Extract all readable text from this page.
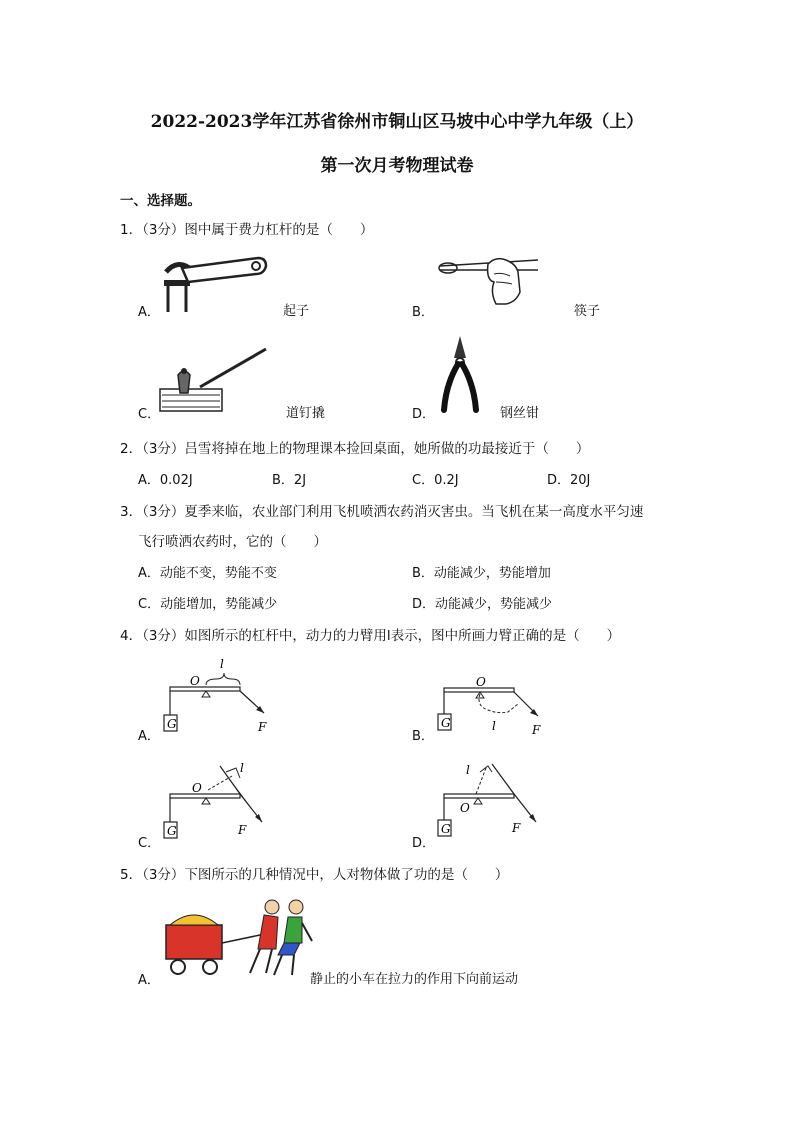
2022-2023学年江苏省徐州市铜山区马坡中心中学九年级（上）
第一次月考物理试卷
一、选择题。
1．（3分）图中属于费力杠杆的是（　　）
A．	起子	B．	筷子
C．	道钉撬	D．	钢丝钳
2．（3分）吕雪将掉在地上的物理课本捡回桌面，她所做的功最接近于（　　）
A．0.02J	B．2J	C．0.2J	D．20J
3．（3分）夏季来临，农业部门利用飞机喷洒农药消灭害虫。当飞机在某一高度水平匀速
飞行喷洒农药时，它的（　　）
A．动能不变，势能不变	B．动能减少，势能增加
C．动能增加，势能减少	D．动能减少，势能减少
4．（3分）如图所示的杠杆中，动力的力臂用l表示，图中所画力臂正确的是（　　）
G	F
O
l
A．
G
O
F
l
B．
G
O
l
F
C．
G
O
l
F
D．
5．（3分）下图所示的几种情况中，人对物体做了功的是（　　）
A．	静止的小车在拉力的作用下向前运动
